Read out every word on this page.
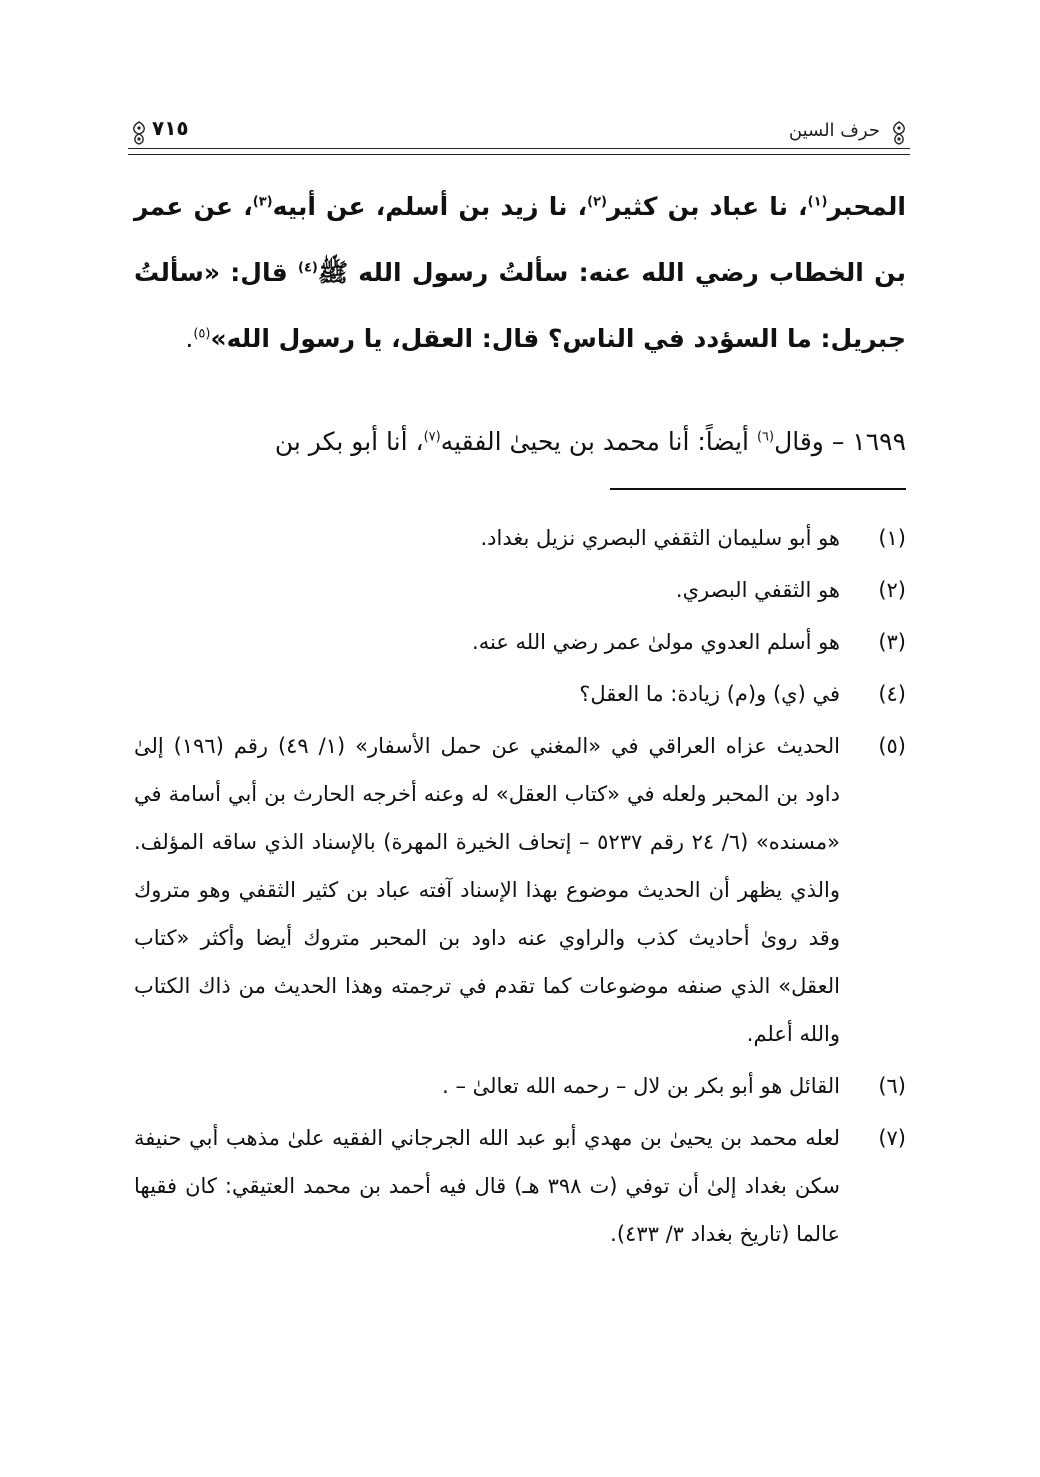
حرف السين
٧١٥

المحبر$^{(١)}$، نا عباد بن كثير$^{(٢)}$، نا زيد بن أسلم، عن أبيه$^{(٣)}$، عن عمر بن الخطاب رضي الله عنه: سألتُ رسول الله ﷺ$^{(٤)}$ قال: «سألتُ جبريل: ما السؤدد في الناس؟ قال: العقل، يا رسول الله»$^{(٥)}$.

١٦٩٩ – وقال$^{(٦)}$ أيضاً: أنا محمد بن يحيىٰ الفقيه$^{(٧)}$، أنا أبو بكر بن
(١)
هو أبو سليمان الثقفي البصري نزيل بغداد.
(٢)
هو الثقفي البصري.
(٣)
هو أسلم العدوي مولىٰ عمر رضي الله عنه.
(٤)
في (ي) و(م) زيادة: ما العقل؟
(٥)
الحديث عزاه العراقي في «المغني عن حمل الأسفار» (١/ ٤٩) رقم (١٩٦) إلىٰ داود بن المحبر ولعله في «كتاب العقل» له وعنه أخرجه الحارث بن أبي أسامة في «مسنده» (٦/ ٢٤ رقم ٥٢٣٧ – إتحاف الخيرة المهرة) بالإسناد الذي ساقه المؤلف. والذي يظهر أن الحديث موضوع بهذا الإسناد آفته عباد بن كثير الثقفي وهو متروك وقد روىٰ أحاديث كذب والراوي عنه داود بن المحبر متروك أيضا وأكثر «كتاب العقل» الذي صنفه موضوعات كما تقدم في ترجمته وهذا الحديث من ذاك الكتاب والله أعلم.
(٦)
القائل هو أبو بكر بن لال – رحمه الله تعالىٰ – .
(٧)
لعله محمد بن يحيىٰ بن مهدي أبو عبد الله الجرجاني الفقيه علىٰ مذهب أبي حنيفة سكن بغداد إلىٰ أن توفي (ت ٣٩٨ هـ) قال فيه أحمد بن محمد العتيقي: كان فقيها عالما (تاريخ بغداد ٣/ ٤٣٣).
